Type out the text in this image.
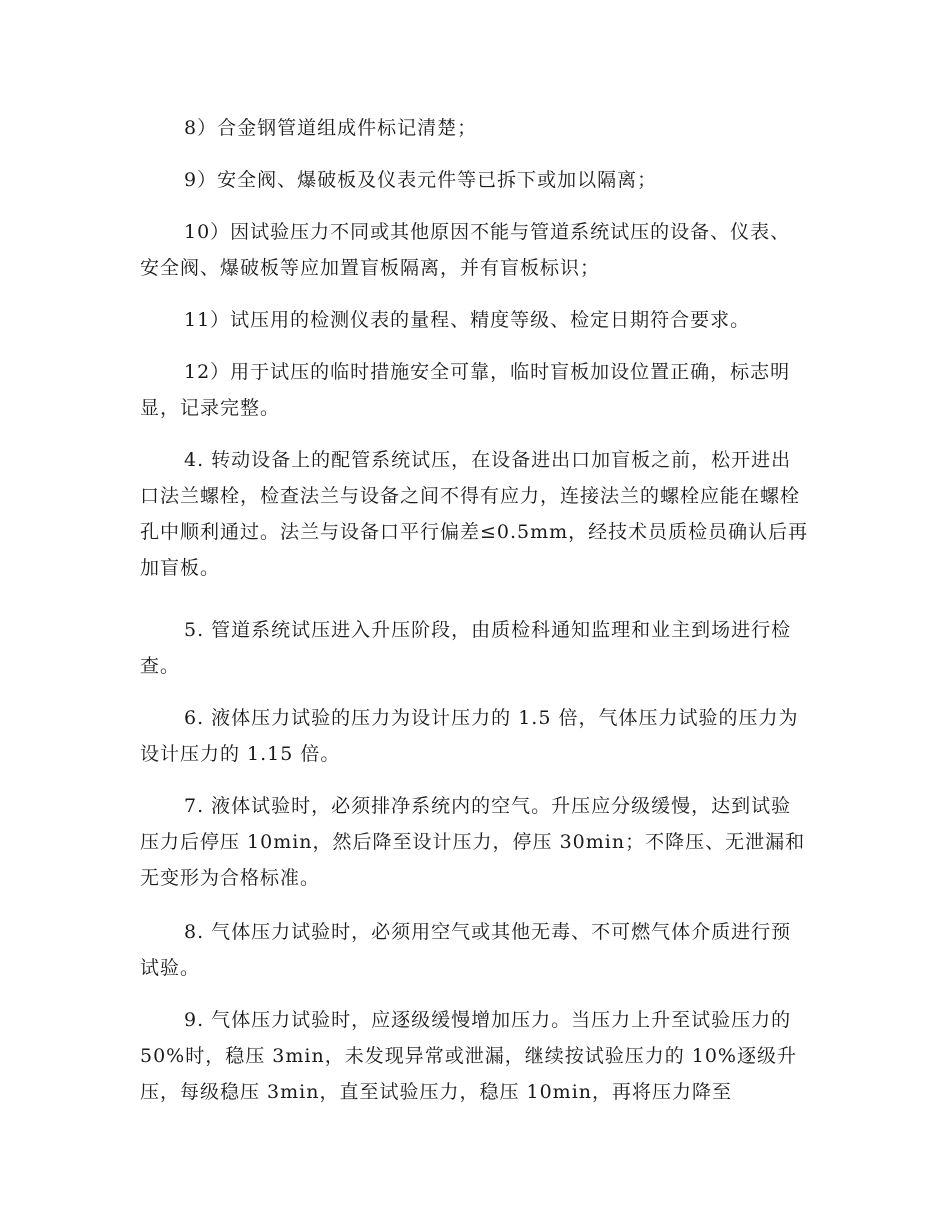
8）合金钢管道组成件标记清楚；

9）安全阀、爆破板及仪表元件等已拆下或加以隔离；

10）因试验压力不同或其他原因不能与管道系统试压的设备、仪表、安全阀、爆破板等应加置盲板隔离，并有盲板标识；

11）试压用的检测仪表的量程、精度等级、检定日期符合要求。

12）用于试压的临时措施安全可靠，临时盲板加设位置正确，标志明显，记录完整。

4. 转动设备上的配管系统试压，在设备进出口加盲板之前，松开进出口法兰螺栓，检查法兰与设备之间不得有应力，连接法兰的螺栓应能在螺栓孔中顺利通过。法兰与设备口平行偏差≤0.5mm，经技术员质检员确认后再加盲板。

5. 管道系统试压进入升压阶段，由质检科通知监理和业主到场进行检查。

6. 液体压力试验的压力为设计压力的 1.5 倍，气体压力试验的压力为设计压力的 1.15 倍。

7. 液体试验时，必须排净系统内的空气。升压应分级缓慢，达到试验压力后停压 10min，然后降至设计压力，停压 30min；不降压、无泄漏和无变形为合格标准。

8. 气体压力试验时，必须用空气或其他无毒、不可燃气体介质进行预试验。

9. 气体压力试验时，应逐级缓慢增加压力。当压力上升至试验压力的 50%时，稳压 3min，未发现异常或泄漏，继续按试验压力的 10%逐级升压，每级稳压 3min，直至试验压力，稳压 10min，再将压力降至
